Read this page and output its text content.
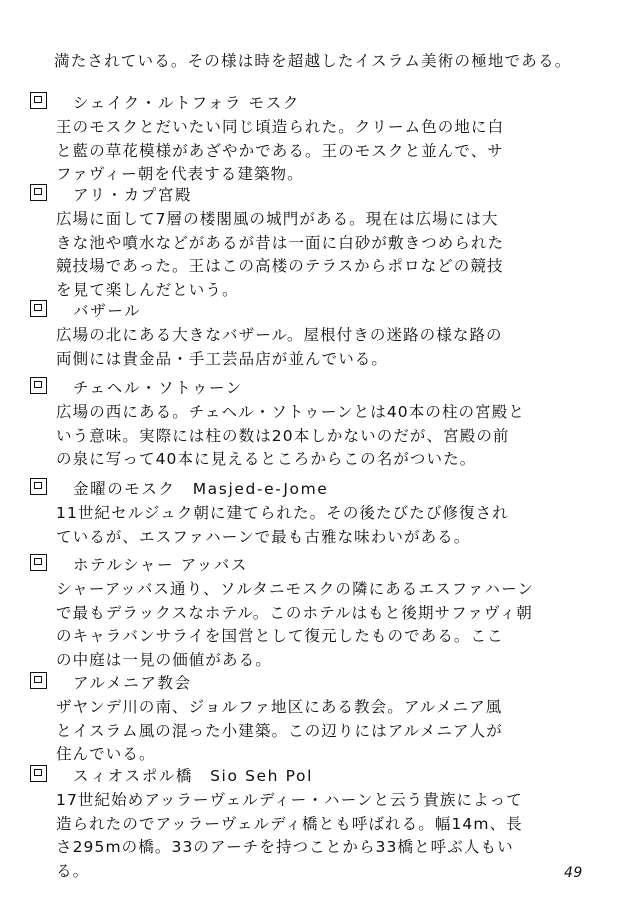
満たされている。その様は時を超越したイスラム美術の極地である。
シェイク・ルトフォラ モスク
王のモスクとだいたい同じ頃造られた。クリーム色の地に白
と藍の草花模様があざやかである。王のモスクと並んで、サ
ファヴィー朝を代表する建築物。
アリ・カプ宮殿
広場に面して7層の楼閣風の城門がある。現在は広場には大
きな池や噴水などがあるが昔は一面に白砂が敷きつめられた
競技場であった。王はこの高楼のテラスからポロなどの競技
を見て楽しんだという。
バザール
広場の北にある大きなバザール。屋根付きの迷路の様な路の
両側には貴金品・手工芸品店が並んでいる。
チェヘル・ソトゥーン
広場の西にある。チェヘル・ソトゥーンとは40本の柱の宮殿と
いう意味。実際には柱の数は20本しかないのだが、宮殿の前
の泉に写って40本に見えるところからこの名がついた。
金曜のモスク　Masjed-e-Jome
11世紀セルジュク朝に建てられた。その後たびたび修復され
ているが、エスファハーンで最も古雅な味わいがある。
ホテルシャー アッバス
シャーアッバス通り、ソルタニモスクの隣にあるエスファハーン
で最もデラックスなホテル。このホテルはもと後期サファヴィ朝
のキャラバンサライを国営として復元したものである。ここ
の中庭は一見の価値がある。
アルメニア教会
ザヤンデ川の南、ジョルファ地区にある教会。アルメニア風
とイスラム風の混った小建築。この辺りにはアルメニア人が
住んでいる。
スィオスポル橋　Sio Seh Pol
17世紀始めアッラーヴェルディー・ハーンと云う貴族によって
造られたのでアッラーヴェルディ橋とも呼ばれる。幅14m、長
さ295mの橋。33のアーチを持つことから33橋と呼ぶ人もい
る。	49
